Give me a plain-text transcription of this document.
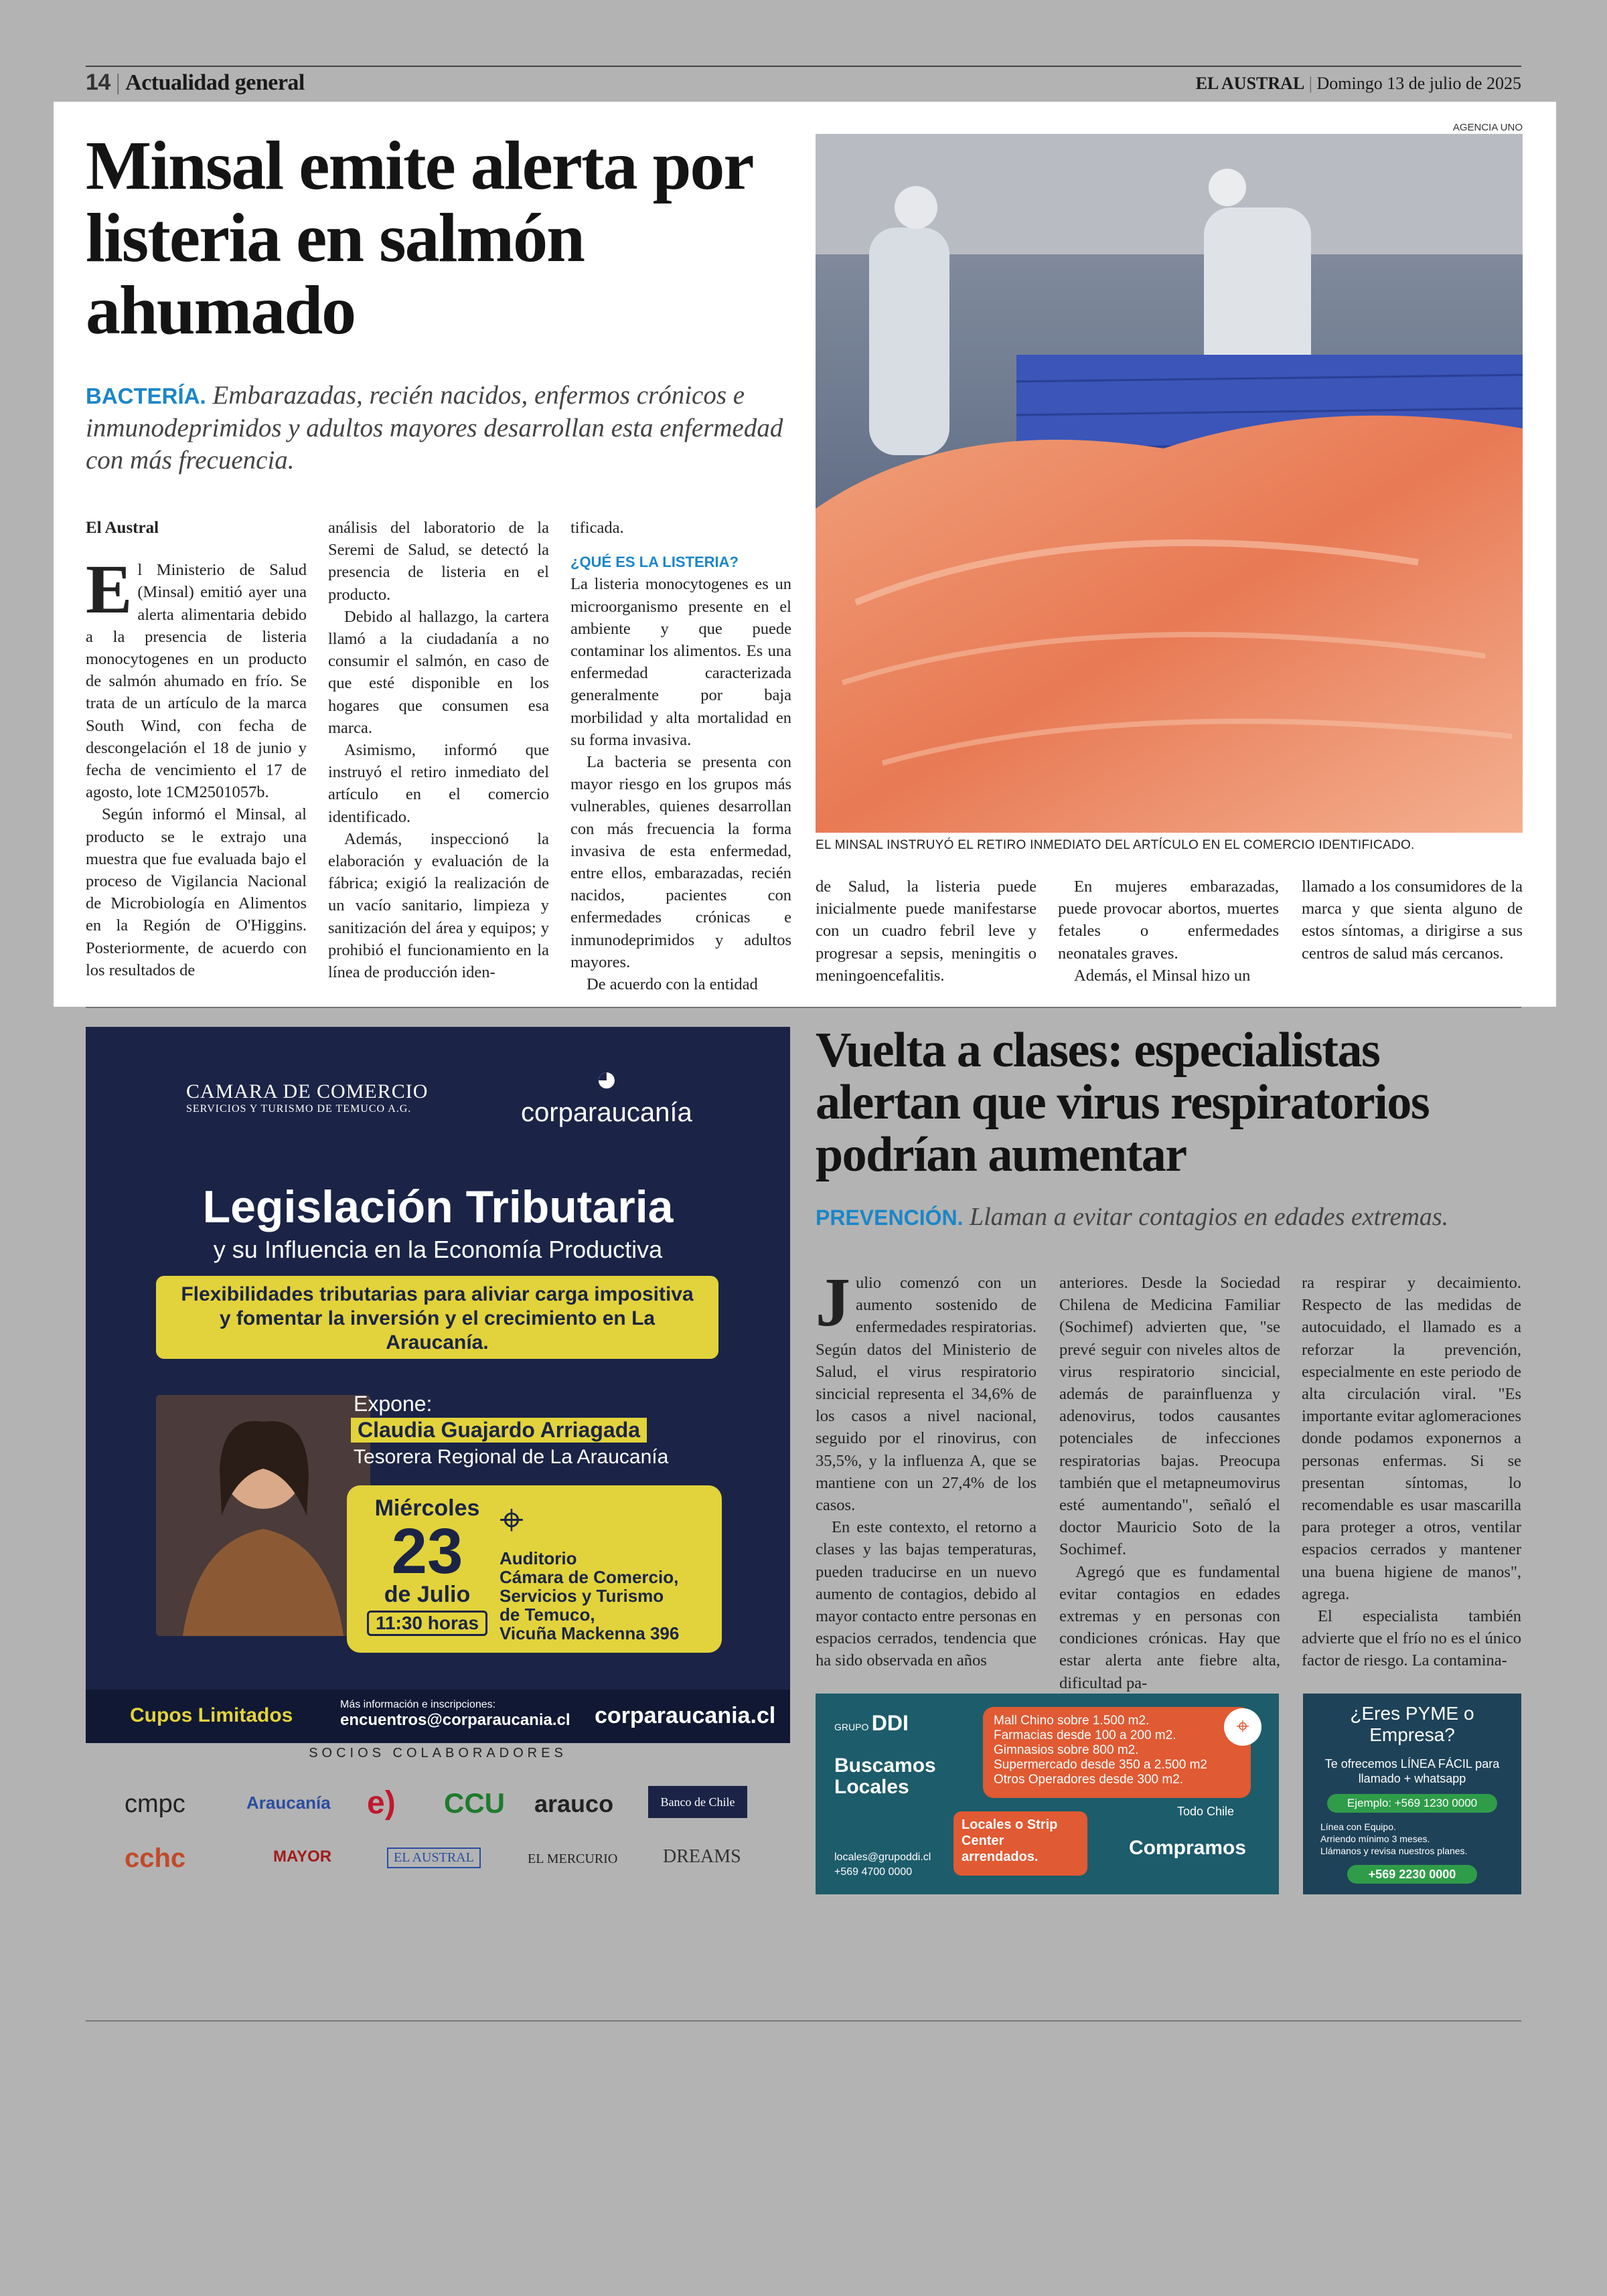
14 | Actualidad general	EL AUSTRAL | Domingo 13 de julio de 2025
Minsal emite alerta por listeria en salmón ahumado
BACTERÍA. Embarazadas, recién nacidos, enfermos crónicos e inmunodeprimidos y adultos mayores desarrollan esta enfermedad con más frecuencia.

El Austral

El Ministerio de Salud (Minsal) emitió ayer una alerta alimentaria debido a la presencia de listeria monocytogenes en un producto de salmón ahumado en frío. Se trata de un artículo de la marca South Wind, con fecha de descongelación el 18 de junio y fecha de vencimiento el 17 de agosto, lote 1CM2501057b.

Según informó el Minsal, al producto se le extrajo una muestra que fue evaluada bajo el proceso de Vigilancia Nacional de Microbiología en Alimentos en la Región de O'Higgins. Posteriormente, de acuerdo con los resultados de

análisis del laboratorio de la Seremi de Salud, se detectó la presencia de listeria en el producto.

Debido al hallazgo, la cartera llamó a la ciudadanía a no consumir el salmón, en caso de que esté disponible en los hogares que consumen esa marca.

Asimismo, informó que instruyó el retiro inmediato del artículo en el comercio identificado.

Además, inspeccionó la elaboración y evaluación de la fábrica; exigió la realización de un vacío sanitario, limpieza y sanitización del área y equipos; y prohibió el funcionamiento en la línea de producción iden-

tificada.

¿QUÉ ES LA LISTERIA?

La listeria monocytogenes es un microorganismo presente en el ambiente y que puede contaminar los alimentos. Es una enfermedad caracterizada generalmente por baja morbilidad y alta mortalidad en su forma invasiva.

La bacteria se presenta con mayor riesgo en los grupos más vulnerables, quienes desarrollan con más frecuencia la forma invasiva de esta enfermedad, entre ellos, embarazadas, recién nacidos, pacientes con enfermedades crónicas e inmunodeprimidos y adultos mayores.

De acuerdo con la entidad

AGENCIA UNO
EL MINSAL INSTRUYÓ EL RETIRO INMEDIATO DEL ARTÍCULO EN EL COMERCIO IDENTIFICADO.

de Salud, la listeria puede inicialmente puede manifestarse con un cuadro febril leve y progresar a sepsis, meningitis o meningoencefalitis.

En mujeres embarazadas, puede provocar abortos, muertes fetales o enfermedades neonatales graves.

Además, el Minsal hizo un

llamado a los consumidores de la marca y que sienta alguno de estos síntomas, a dirigirse a sus centros de salud más cercanos.

CAMARA DE COMERCIO
SERVICIOS Y TURISMO DE TEMUCO A.G.
◕
corparaucanía
Legislación Tributaria
y su Influencia en la Economía Productiva
Flexibilidades tributarias para aliviar carga impositiva y fomentar la inversión y el crecimiento en La Araucanía.
Expone:
Claudia Guajardo Arriagada
Tesorera Regional de La Araucanía
Miércoles
23
de Julio
11:30 horas
⌖
Auditorio
Cámara de Comercio,
Servicios y Turismo
de Temuco,
Vicuña Mackenna 396
Cupos Limitados	Más información e inscripciones:
encuentros@corparaucania.cl corparaucania.cl
SOCIOS COLABORADORES
cmpc	Araucanía e) CCU arauco	Banco de Chile
cchc	MAYOR	EL AUSTRAL	EL MERCURIO DREAMS
Vuelta a clases: especialistas alertan que virus respiratorios podrían aumentar
PREVENCIÓN. Llaman a evitar contagios en edades extremas.

Julio comenzó con un aumento sostenido de enfermedades respiratorias. Según datos del Ministerio de Salud, el virus respiratorio sincicial representa el 34,6% de los casos a nivel nacional, seguido por el rinovirus, con 35,5%, y la influenza A, que se mantiene con un 27,4% de los casos.

En este contexto, el retorno a clases y las bajas temperaturas, pueden traducirse en un nuevo aumento de contagios, debido al mayor contacto entre personas en espacios cerrados, tendencia que ha sido observada en años

anteriores. Desde la Sociedad Chilena de Medicina Familiar (Sochimef) advierten que, "se prevé seguir con niveles altos de virus respiratorio sincicial, además de parainfluenza y adenovirus, todos causantes potenciales de infecciones respiratorias bajas. Preocupa también que el metapneumovirus esté aumentando", señaló el doctor Mauricio Soto de la Sochimef.

Agregó que es fundamental evitar contagios en edades extremas y en personas con condiciones crónicas. Hay que estar alerta ante fiebre alta, dificultad pa-

ra respirar y decaimiento. Respecto de las medidas de autocuidado, el llamado es a reforzar la prevención, especialmente en este periodo de alta circulación viral. "Es importante evitar aglomeraciones donde podamos exponernos a personas enfermas. Si se presentan síntomas, lo recomendable es usar mascarilla para proteger a otros, ventilar espacios cerrados y mantener una buena higiene de manos", agrega.

El especialista también advierte que el frío no es el único factor de riesgo. La contamina-

GRUPO DDI
Buscamos Locales
Mall Chino sobre 1.500 m2.
Farmacias desde 100 a 200 m2.
Gimnasios sobre 800 m2.
Supermercado desde 350 a 2.500 m2
Otros Operadores desde 300 m2.
⌖
Todo Chile
Locales o Strip Center arrendados.	Compramos
locales@grupoddi.cl
+569 4700 0000
¿Eres PYME o Empresa?
Te ofrecemos LÍNEA FÁCIL para llamado + whatsapp
Ejemplo: +569 1230 0000
Línea con Equipo.
Arriendo mínimo 3 meses.
Llámanos y revisa nuestros planes.
+569 2230 0000
